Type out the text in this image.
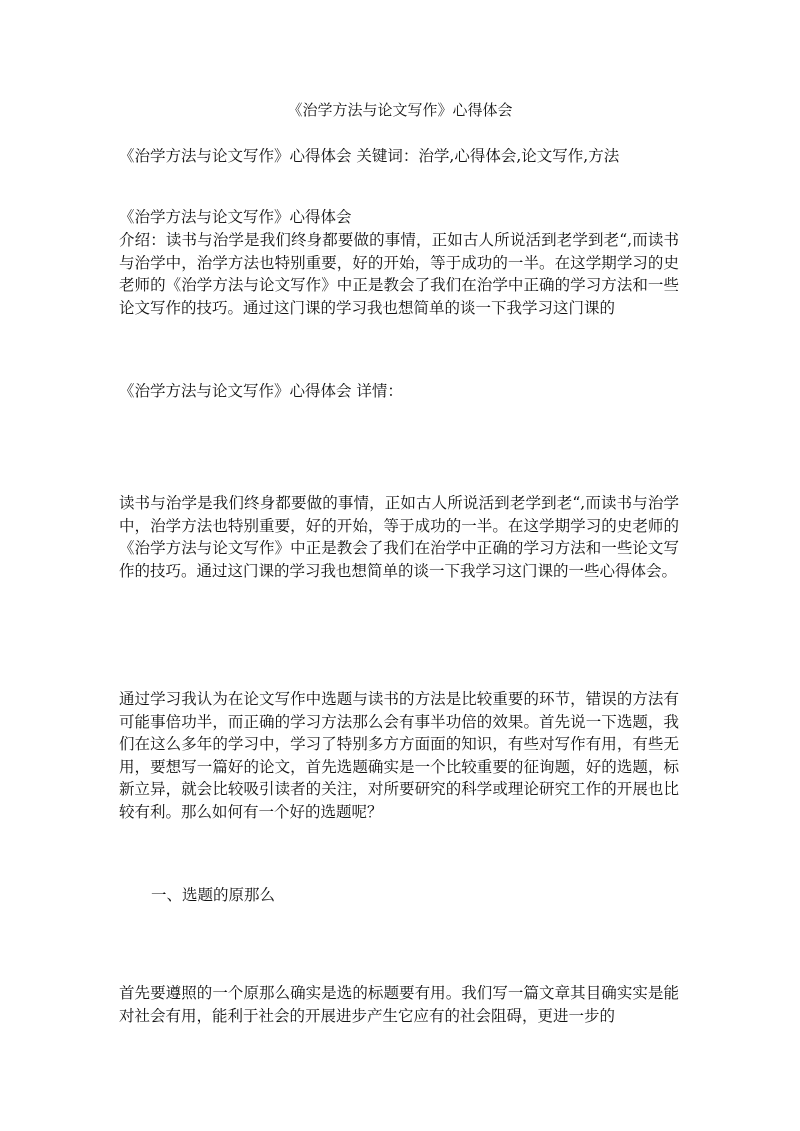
《治学方法与论文写作》心得体会

《治学方法与论文写作》心得体会 关键词：治学,心得体会,论文写作,方法

《治学方法与论文写作》心得体会

介绍：读书与治学是我们终身都要做的事情，正如古人所说活到老学到老“,而读书与治学中，治学方法也特别重要，好的开始，等于成功的一半。在这学期学习的史老师的《治学方法与论文写作》中正是教会了我们在治学中正确的学习方法和一些论文写作的技巧。通过这门课的学习我也想简单的谈一下我学习这门课的

《治学方法与论文写作》心得体会 详情：

读书与治学是我们终身都要做的事情，正如古人所说活到老学到老“,而读书与治学中，治学方法也特别重要，好的开始，等于成功的一半。在这学期学习的史老师的《治学方法与论文写作》中正是教会了我们在治学中正确的学习方法和一些论文写作的技巧。通过这门课的学习我也想简单的谈一下我学习这门课的一些心得体会。

通过学习我认为在论文写作中选题与读书的方法是比较重要的环节，错误的方法有可能事倍功半，而正确的学习方法那么会有事半功倍的效果。首先说一下选题，我们在这么多年的学习中，学习了特别多方方面面的知识，有些对写作有用，有些无用，要想写一篇好的论文，首先选题确实是一个比较重要的征询题，好的选题，标新立异，就会比较吸引读者的关注，对所要研究的科学或理论研究工作的开展也比较有利。那么如何有一个好的选题呢？

一、选题的原那么

首先要遵照的一个原那么确实是选的标题要有用。我们写一篇文章其目确实实是能对社会有用，能利于社会的开展进步产生它应有的社会阻碍，更进一步的
